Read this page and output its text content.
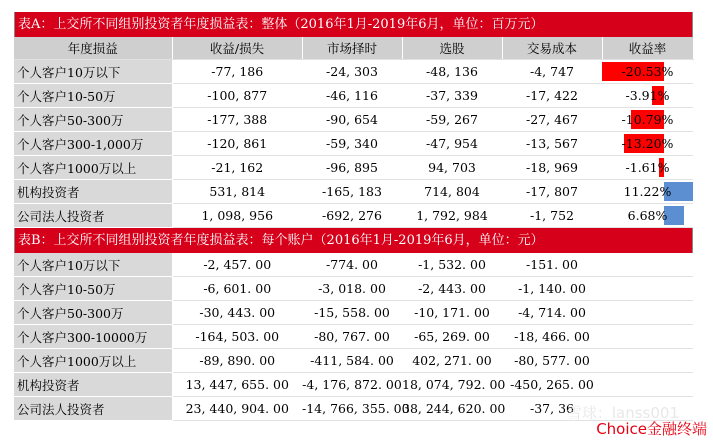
表A：上交所不同组别投资者年度损益表：整体（2016年1月-2019年6月，单位：百万元）
年度损益	收益/损失	市场择时	选股	交易成本	收益率
个人客户10万以下	-77, 186	-24, 303	-48, 136	-4, 747	-20.53%

个人客户10-50万	-100, 877	-46, 116	-37, 339	-17, 422	-3.91%

个人客户50-300万	-177, 388	-90, 654	-59, 267	-27, 467	-10.79%

个人客户300-1,000万	-120, 861	-59, 340	-47, 954	-13, 567	-13.20%

个人客户1000万以上	-21, 162	-96, 895	94, 703	-18, 969	-1.61%

机构投资者	531, 814	-165, 183	714, 804	-17, 807	11.22%

公司法人投资者	1, 098, 956	-692, 276	1, 792, 984	-1, 752	6.68%
表B：上交所不同组别投资者年度损益表：每个账户（2016年1月-2019年6月，单位：元）
个人客户10万以下	-2, 457. 00	-774. 00	-1, 532. 00	-151. 00	
个人客户10-50万	-6, 601. 00	-3, 018. 00	-2, 443. 00	-1, 140. 00	
个人客户50-300万	-30, 443. 00	-15, 558. 00	-10, 171. 00	-4, 714. 00	
个人客户300-10000万	-164, 503. 00	-80, 767. 00	-65, 269. 00	-18, 466. 00	
个人客户1000万以上	-89, 890. 00	-411, 584. 00	402, 271. 00	-80, 577. 00	
机构投资者	13, 447, 655. 00	-4, 176, 872. 00	18, 074, 792. 00	-450, 265. 00	
公司法人投资者	23, 440, 904. 00	-14, 766, 355. 00	38, 244, 620. 00	-37, 36	
雪球：lanss001
Choice金融终端
